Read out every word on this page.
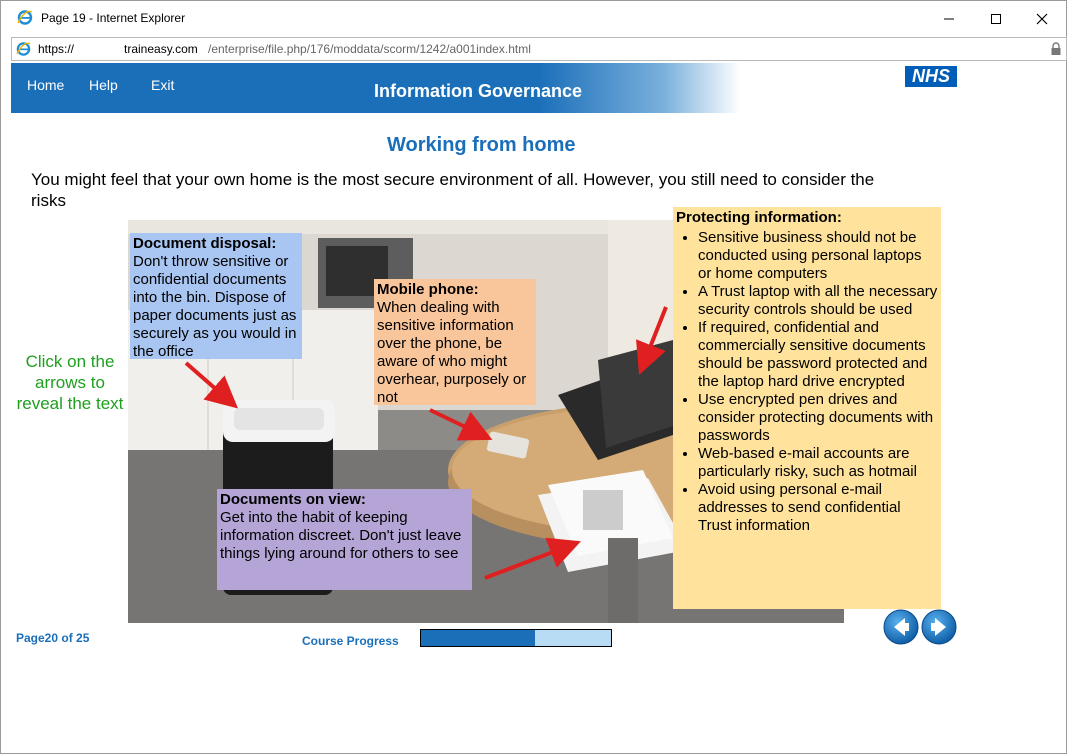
Page 19 - Internet Explorer
https://	traineasy.com /enterprise/file.php/176/moddata/scorm/1242/a001index.html
Home Help Exit	Information Governance
NHS
Working from home
You might feel that your own home is the most secure environment of all. However, you still need to consider the risks
Click on the arrows to reveal the text
Document disposal:
Don't throw sensitive or confidential documents into the bin. Dispose of paper documents just as securely as you would in the office
Mobile phone:
When dealing with sensitive information over the phone, be aware of who might overhear, purposely or not
Documents on view:
Get into the habit of keeping information discreet. Don't just leave things lying around for others to see
Protecting information:
• Sensitive business should not be conducted using personal laptops or home computers
• A Trust laptop with all the necessary security controls should be used
• If required, confidential and commercially sensitive documents should be password protected and the laptop hard drive encrypted
• Use encrypted pen drives and consider protecting documents with passwords
• Web-based e-mail accounts are particularly risky, such as hotmail
• Avoid using personal e-mail addresses to send confidential Trust information
Page20 of 25	Course Progress
